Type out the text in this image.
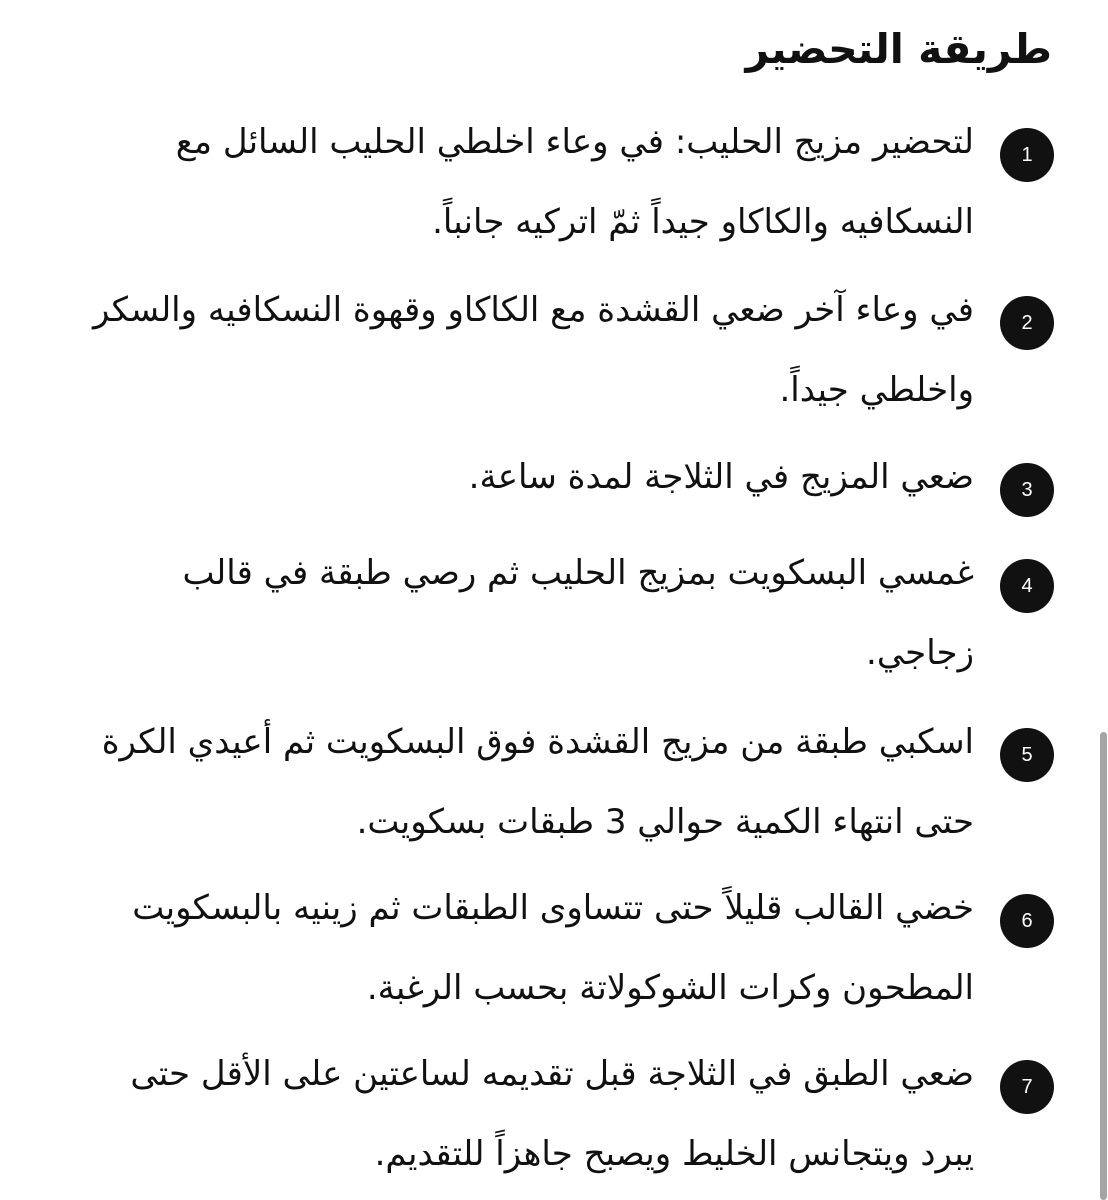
طريقة التحضير
1

لتحضير مزيج الحليب: في وعاء اخلطي الحليب السائل مع النسكافيه والكاكاو جيداً ثمّ اتركيه جانباً.

2

في وعاء آخر ضعي القشدة مع الكاكاو وقهوة النسكافيه والسكر واخلطي جيداً.

3

ضعي المزيج في الثلاجة لمدة ساعة.

4

غمسي البسكويت بمزيج الحليب ثم رصي طبقة في قالب زجاجي.

5

اسكبي طبقة من مزيج القشدة فوق البسكويت ثم أعيدي الكرة حتى انتهاء الكمية حوالي 3 طبقات بسكويت.

6

خضي القالب قليلاً حتى تتساوى الطبقات ثم زينيه بالبسكويت المطحون وكرات الشوكولاتة بحسب الرغبة.

7

ضعي الطبق في الثلاجة قبل تقديمه لساعتين على الأقل حتى يبرد ويتجانس الخليط ويصبح جاهزاً للتقديم.
